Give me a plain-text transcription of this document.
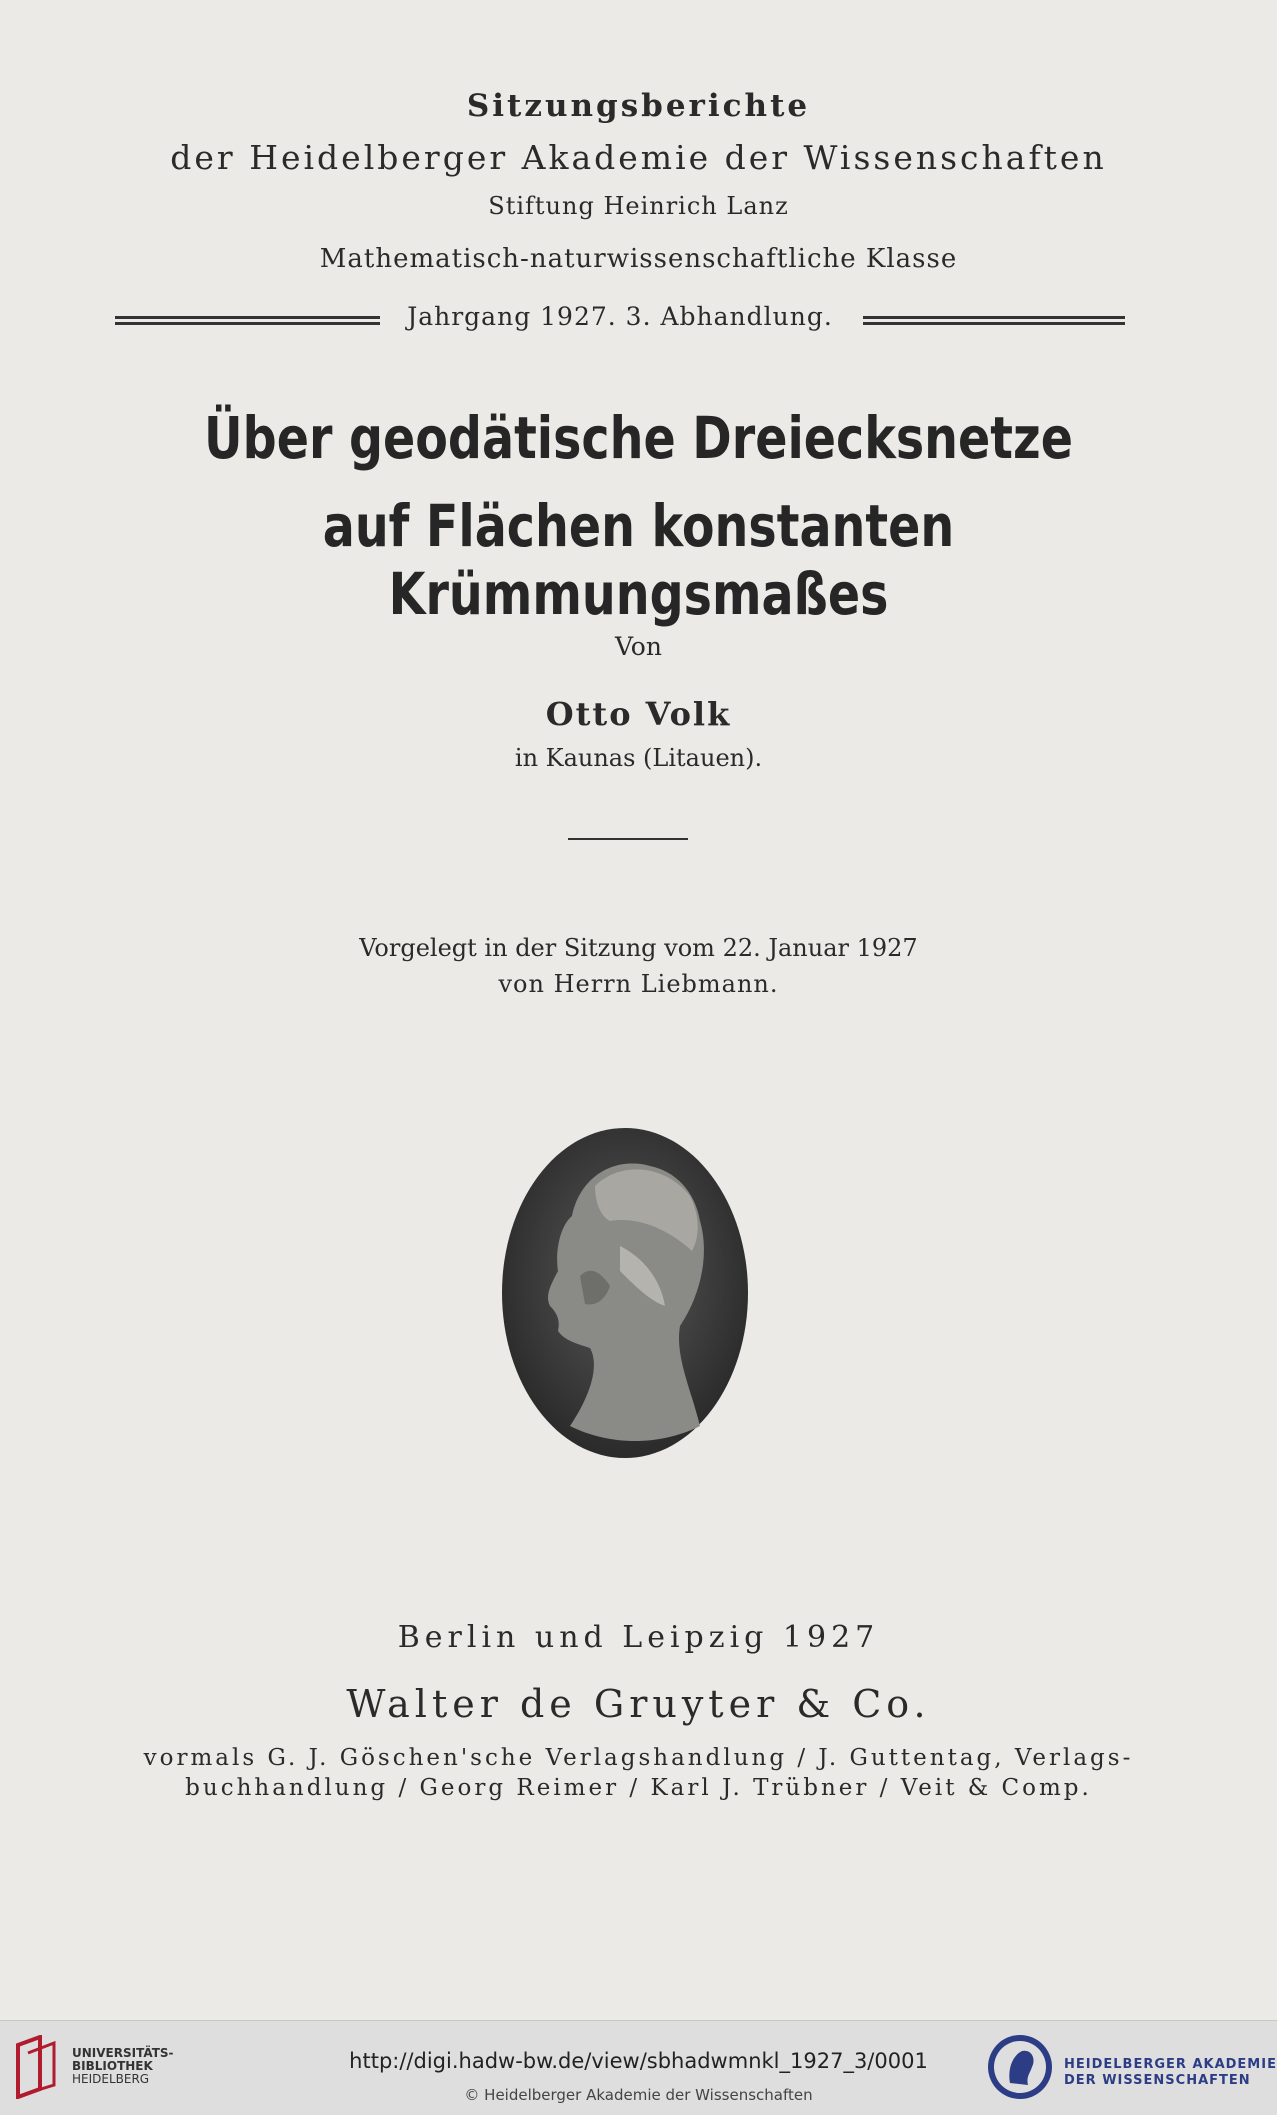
Sitzungsberichte
der Heidelberger Akademie der Wissenschaften
Stiftung Heinrich Lanz
Mathematisch-naturwissenschaftliche Klasse
Jahrgang 1927. 3. Abhandlung.
Über geodätische Dreiecksnetze
auf Flächen konstanten Krümmungsmaßes
Von
Otto Volk
in Kaunas (Litauen).
Vorgelegt in der Sitzung vom 22. Januar 1927
von Herrn Liebmann.
Berlin und Leipzig 1927
Walter de Gruyter & Co.
vormals G. J. Göschen'sche Verlagshandlung / J. Guttentag, Verlags-
buchhandlung / Georg Reimer / Karl J. Trübner / Veit & Comp.
UNIVERSITÄTS-
BIBLIOTHEK
HEIDELBERG
http://digi.hadw-bw.de/view/sbhadwmnkl_1927_3/0001
© Heidelberger Akademie der Wissenschaften
HEIDELBERGER AKADEMIE
DER WISSENSCHAFTEN
